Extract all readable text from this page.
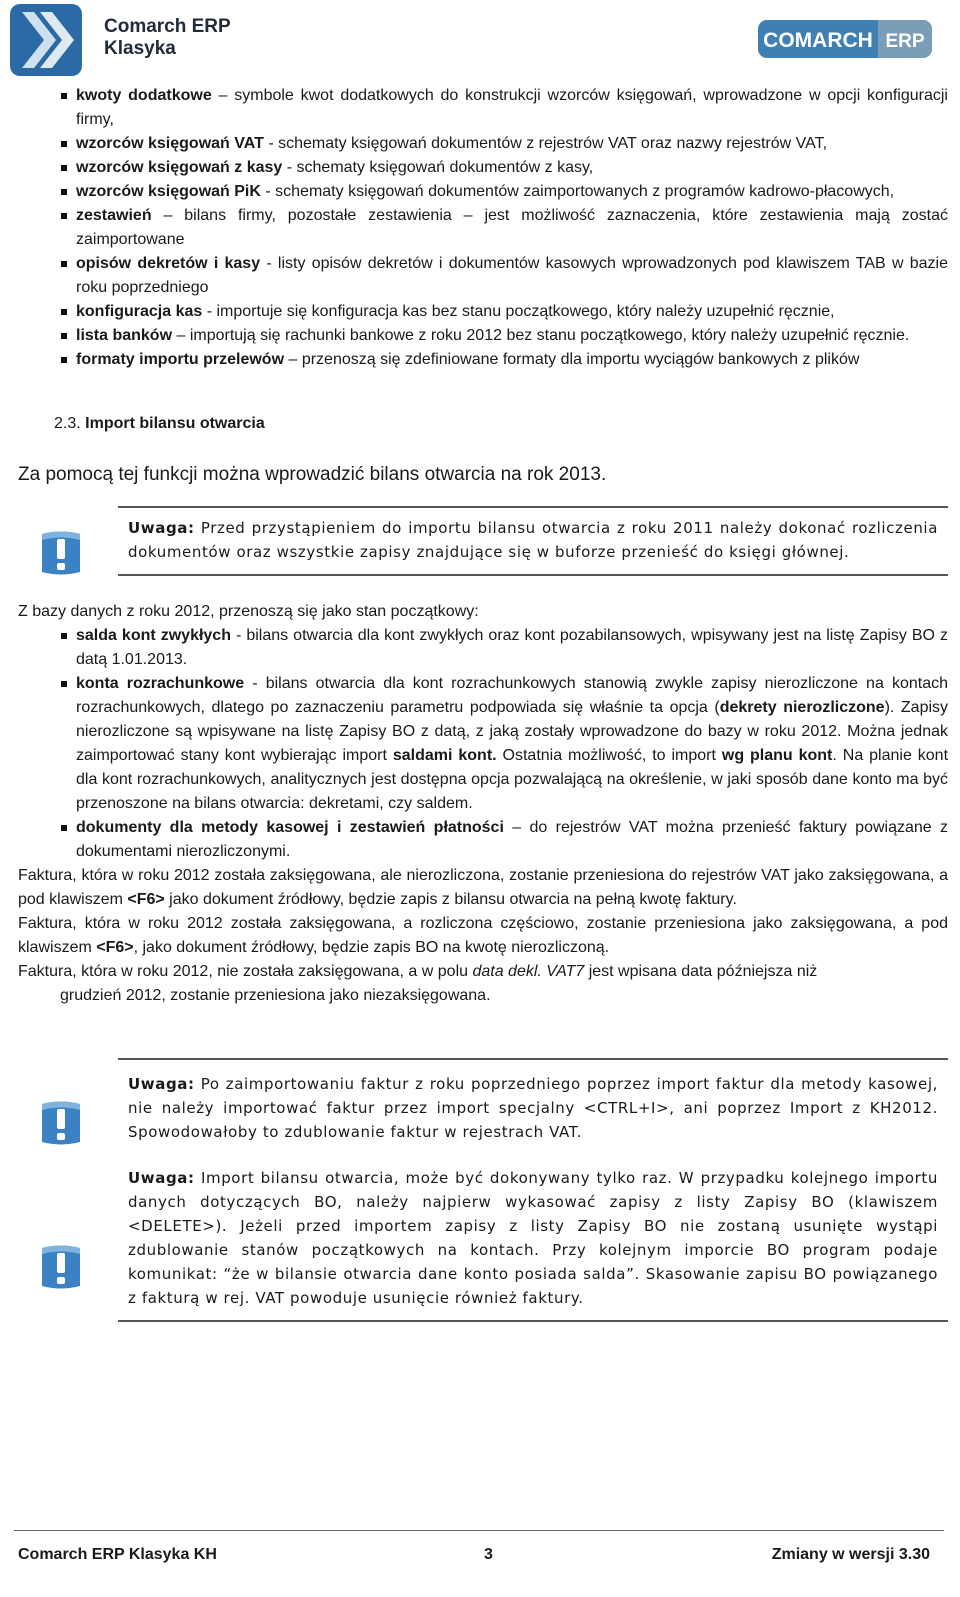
Comarch ERP
Klasyka	COMARCH ERP
kwoty dodatkowe – symbole kwot dodatkowych do konstrukcji wzorców księgowań, wprowadzone w opcji konfiguracji firmy,
wzorców księgowań VAT - schematy księgowań dokumentów z rejestrów VAT oraz nazwy rejestrów VAT,
wzorców księgowań z kasy - schematy księgowań dokumentów z kasy,
wzorców księgowań PiK - schematy księgowań dokumentów zaimportowanych z programów kadrowo-płacowych,
zestawień – bilans firmy, pozostałe zestawienia – jest możliwość zaznaczenia, które zestawienia mają zostać zaimportowane
opisów dekretów i kasy - listy opisów dekretów i dokumentów kasowych wprowadzonych pod klawiszem TAB w bazie roku poprzedniego
konfiguracja kas - importuje się konfiguracja kas bez stanu początkowego, który należy uzupełnić ręcznie,
lista banków – importują się rachunki bankowe z roku 2012 bez stanu początkowego, który należy uzupełnić ręcznie.
formaty importu przelewów – przenoszą się zdefiniowane formaty dla importu wyciągów bankowych z plików
2.3. Import bilansu otwarcia
Za pomocą tej funkcji można wprowadzić bilans otwarcia na rok 2013.

Uwaga: Przed przystąpieniem do importu bilansu otwarcia z roku 2011 należy dokonać rozliczenia dokumentów oraz wszystkie zapisy znajdujące się w buforze przenieść do księgi głównej.

Z bazy danych z roku 2012, przenoszą się jako stan początkowy:

salda kont zwykłych - bilans otwarcia dla kont zwykłych oraz kont pozabilansowych, wpisywany jest na listę Zapisy BO z datą 1.01.2013.
konta rozrachunkowe - bilans otwarcia dla kont rozrachunkowych stanowią zwykle zapisy nierozliczone na kontach rozrachunkowych, dlatego po zaznaczeniu parametru podpowiada się właśnie ta opcja (dekrety nierozliczone). Zapisy nierozliczone są wpisywane na listę Zapisy BO z datą, z jaką zostały wprowadzone do bazy w roku 2012. Można jednak zaimportować stany kont wybierając import saldami kont. Ostatnia możliwość, to import wg planu kont. Na planie kont dla kont rozrachunkowych, analitycznych jest dostępna opcja pozwalającą na określenie, w jaki sposób dane konto ma być przenoszone na bilans otwarcia: dekretami, czy saldem.
dokumenty dla metody kasowej i zestawień płatności – do rejestrów VAT można przenieść faktury powiązane z dokumentami nierozliczonymi.

Faktura, która w roku 2012 została zaksięgowana, ale nierozliczona, zostanie przeniesiona do rejestrów VAT jako zaksięgowana, a pod klawiszem <F6> jako dokument źródłowy, będzie zapis z bilansu otwarcia na pełną kwotę faktury.

Faktura, która w roku 2012 została zaksięgowana, a rozliczona częściowo, zostanie przeniesiona jako zaksięgowana, a pod klawiszem <F6>, jako dokument źródłowy, będzie zapis BO na kwotę nierozliczoną.

Faktura, która w roku 2012, nie została zaksięgowana, a w polu data dekl. VAT7 jest wpisana data późniejsza niż
grudzień 2012, zostanie przeniesiona jako niezaksięgowana.

Uwaga: Po zaimportowaniu faktur z roku poprzedniego poprzez import faktur dla metody kasowej, nie należy importować faktur przez import specjalny <CTRL+I>, ani poprzez Import z KH2012. Spowodowałoby to zdublowanie faktur w rejestrach VAT.

Uwaga: Import bilansu otwarcia, może być dokonywany tylko raz. W przypadku kolejnego importu danych dotyczących BO, należy najpierw wykasować zapisy z listy Zapisy BO (klawiszem <DELETE>). Jeżeli przed importem zapisy z listy Zapisy BO nie zostaną usunięte wystąpi zdublowanie stanów początkowych na kontach. Przy kolejnym imporcie BO program podaje komunikat: “że w bilansie otwarcia dane konto posiada salda”. Skasowanie zapisu BO powiązanego z fakturą w rej. VAT powoduje usunięcie również faktury.

Comarch ERP Klasyka KH	3	Zmiany w wersji 3.30
